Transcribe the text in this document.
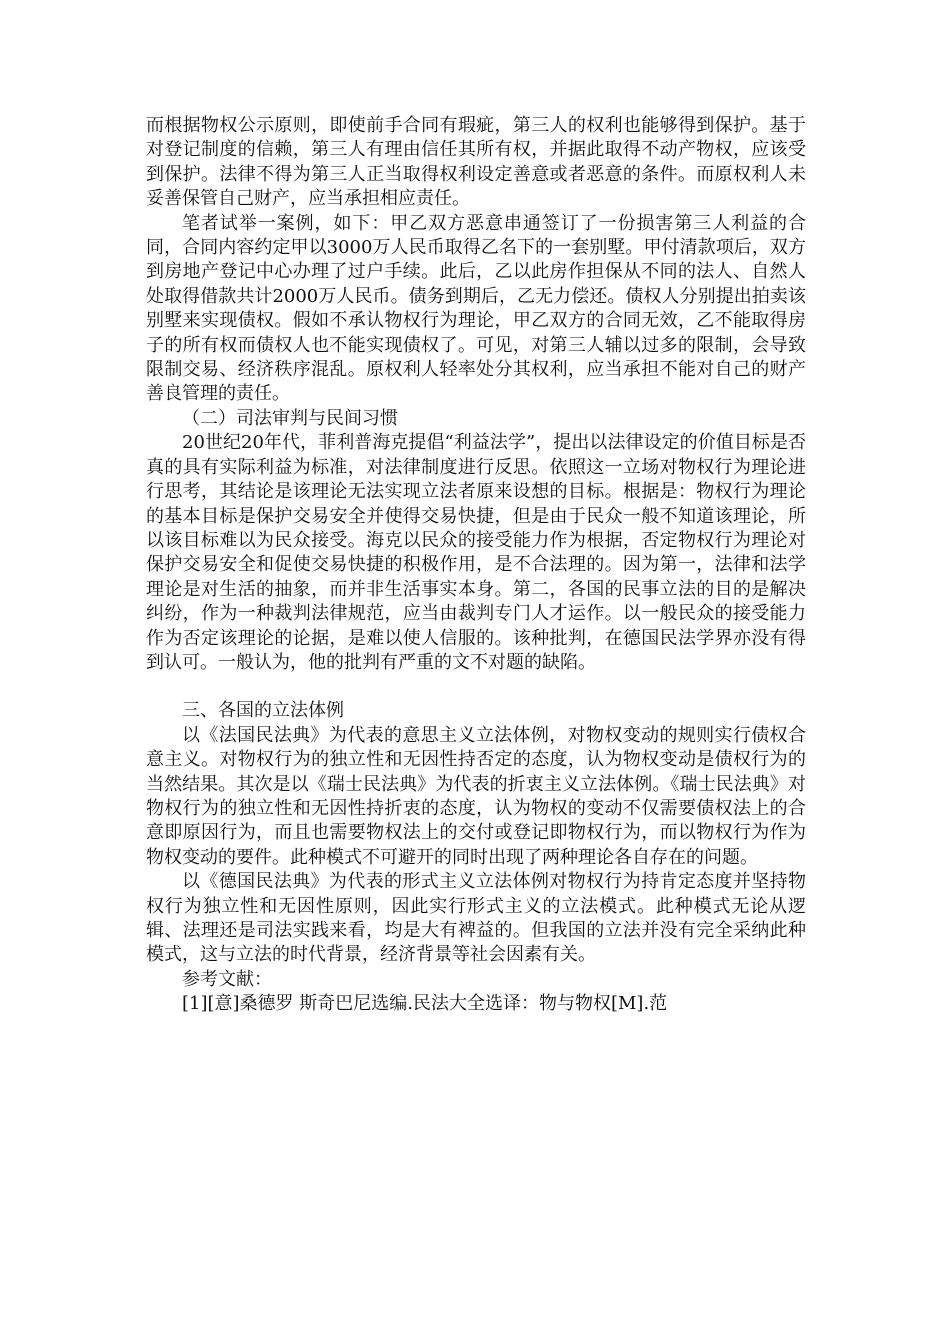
而根据物权公示原则，即使前手合同有瑕疵，第三人的权利也能够得到保护。基于对登记制度的信赖，第三人有理由信任其所有权，并据此取得不动产物权，应该受到保护。法律不得为第三人正当取得权利设定善意或者恶意的条件。而原权利人未妥善保管自己财产，应当承担相应责任。

笔者试举一案例，如下：甲乙双方恶意串通签订了一份损害第三人利益的合同，合同内容约定甲以3000万人民币取得乙名下的一套别墅。甲付清款项后，双方到房地产登记中心办理了过户手续。此后，乙以此房作担保从不同的法人、自然人处取得借款共计2000万人民币。债务到期后，乙无力偿还。债权人分别提出拍卖该别墅来实现债权。假如不承认物权行为理论，甲乙双方的合同无效，乙不能取得房子的所有权而债权人也不能实现债权了。可见，对第三人辅以过多的限制，会导致限制交易、经济秩序混乱。原权利人轻率处分其权利，应当承担不能对自己的财产善良管理的责任。

（二）司法审判与民间习惯

20世纪20年代，菲利普海克提倡“利益法学”，提出以法律设定的价值目标是否真的具有实际利益为标准，对法律制度进行反思。依照这一立场对物权行为理论进行思考，其结论是该理论无法实现立法者原来设想的目标。根据是：物权行为理论的基本目标是保护交易安全并使得交易快捷，但是由于民众一般不知道该理论，所以该目标难以为民众接受。海克以民众的接受能力作为根据，否定物权行为理论对保护交易安全和促使交易快捷的积极作用，是不合法理的。因为第一，法律和法学理论是对生活的抽象，而并非生活事实本身。第二，各国的民事立法的目的是解决纠纷，作为一种裁判法律规范，应当由裁判专门人才运作。以一般民众的接受能力作为否定该理论的论据，是难以使人信服的。该种批判，在德国民法学界亦没有得到认可。一般认为，他的批判有严重的文不对题的缺陷。

三、各国的立法体例

以《法国民法典》为代表的意思主义立法体例，对物权变动的规则实行债权合意主义。对物权行为的独立性和无因性持否定的态度，认为物权变动是债权行为的当然结果。其次是以《瑞士民法典》为代表的折衷主义立法体例。《瑞士民法典》对物权行为的独立性和无因性持折衷的态度，认为物权的变动不仅需要债权法上的合意即原因行为，而且也需要物权法上的交付或登记即物权行为，而以物权行为作为物权变动的要件。此种模式不可避开的同时出现了两种理论各自存在的问题。

以《德国民法典》为代表的形式主义立法体例对物权行为持肯定态度并坚持物权行为独立性和无因性原则，因此实行形式主义的立法模式。此种模式无论从逻辑、法理还是司法实践来看，均是大有裨益的。但我国的立法并没有完全采纳此种模式，这与立法的时代背景，经济背景等社会因素有关。

参考文献：

[1][意]桑德罗 斯奇巴尼选编.民法大全选译：物与物权[M].范
